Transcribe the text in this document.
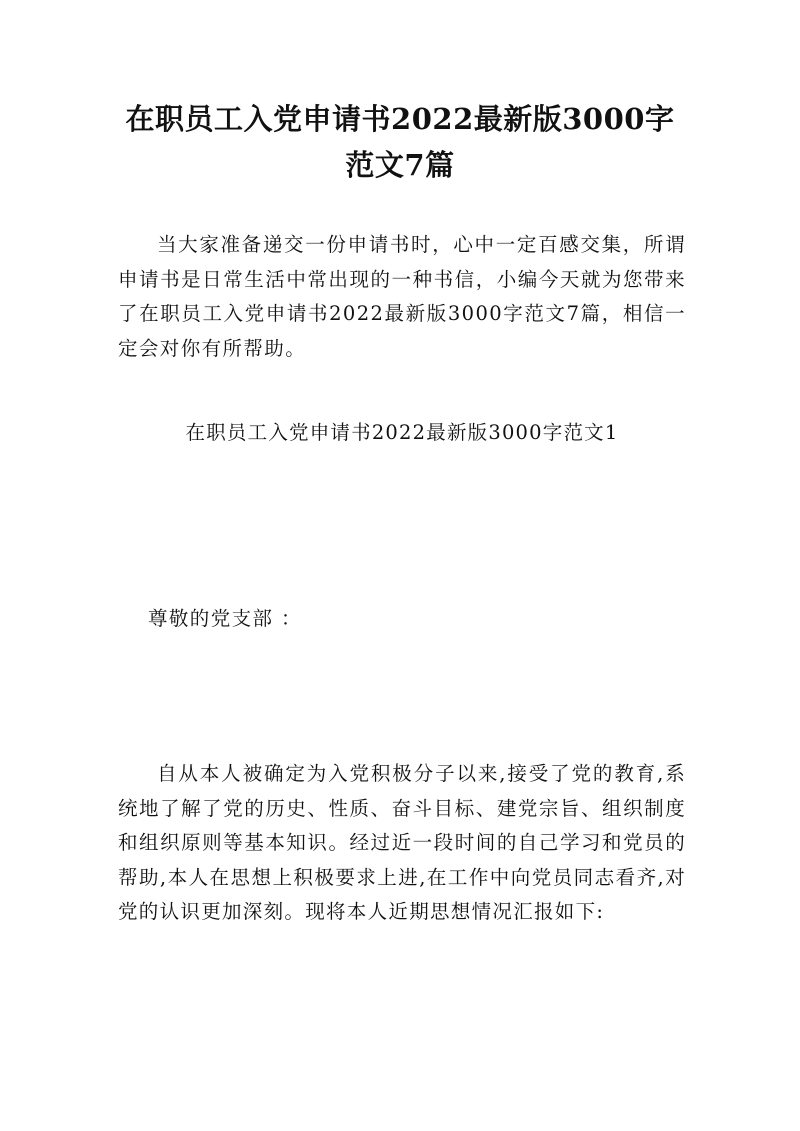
在职员工入党申请书2022最新版3000字范文7篇

当大家准备递交一份申请书时，心中一定百感交集，所谓申请书是日常生活中常出现的一种书信，小编今天就为您带来了在职员工入党申请书2022最新版3000字范文7篇，相信一定会对你有所帮助。

在职员工入党申请书2022最新版3000字范文1
尊敬的党支部 ：

自从本人被确定为入党积极分子以来,接受了党的教育,系统地了解了党的历史、性质、奋斗目标、建党宗旨、组织制度和组织原则等基本知识。经过近一段时间的自己学习和党员的帮助,本人在思想上积极要求上进,在工作中向党员同志看齐,对党的认识更加深刻。现将本人近期思想情况汇报如下:
